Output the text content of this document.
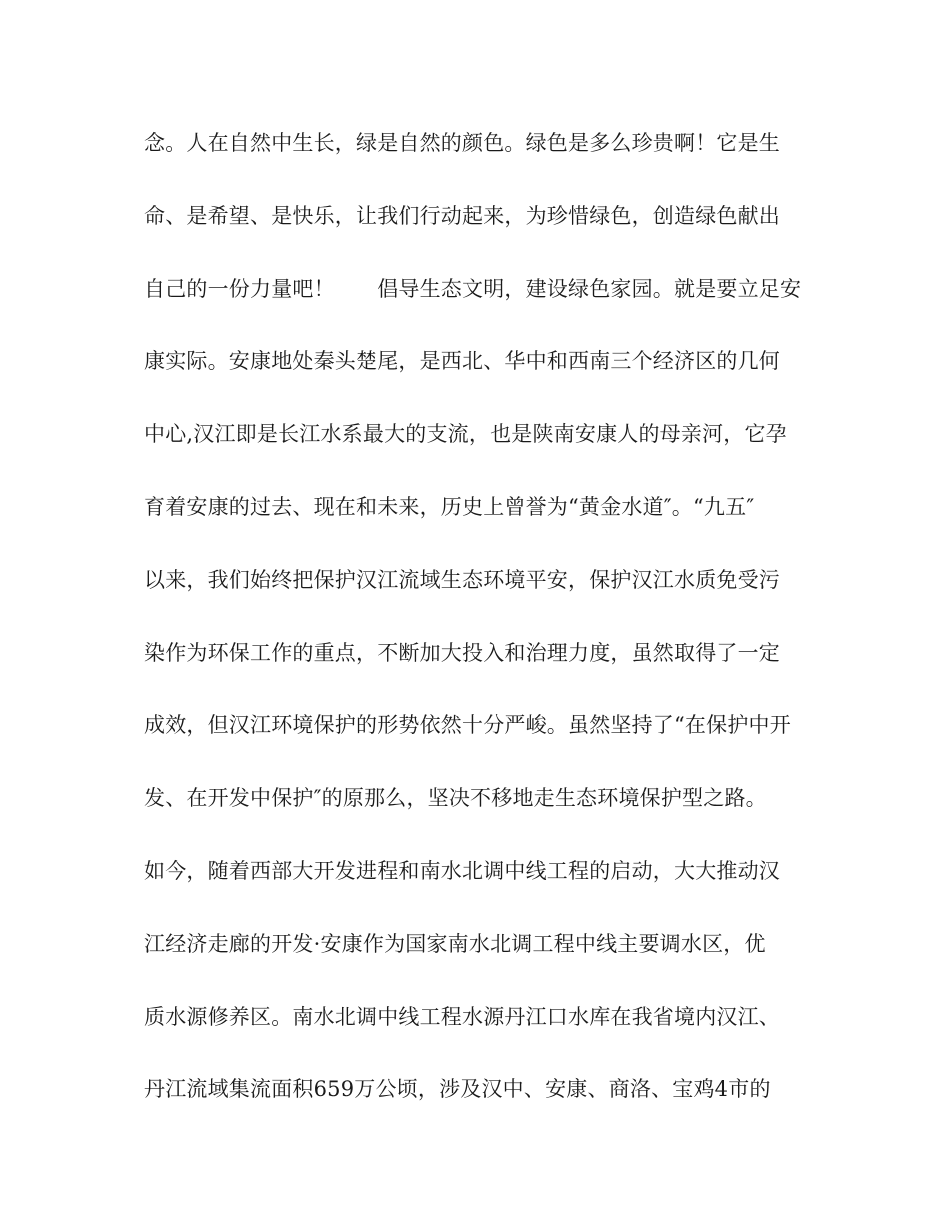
念。人在自然中生长，绿是自然的颜色。绿色是多么珍贵啊！它是生
命、是希望、是快乐，让我们行动起来，为珍惜绿色，创造绿色献出
自己的一份力量吧！　　倡导生态文明，建设绿色家园。就是要立足安
康实际。安康地处秦头楚尾，是西北、华中和西南三个经济区的几何
中心,汉江即是长江水系最大的支流，也是陕南安康人的母亲河，它孕
育着安康的过去、现在和未来，历史上曾誉为“黄金水道″。“九五″
以来，我们始终把保护汉江流域生态环境平安，保护汉江水质免受污
染作为环保工作的重点，不断加大投入和治理力度，虽然取得了一定
成效，但汉江环境保护的形势依然十分严峻。虽然坚持了“在保护中开
发、在开发中保护″的原那么，坚决不移地走生态环境保护型之路。
如今，随着西部大开发进程和南水北调中线工程的启动，大大推动汉
江经济走廊的开发·安康作为国家南水北调工程中线主要调水区，优
质水源修养区。南水北调中线工程水源丹江口水库在我省境内汉江、
丹江流域集流面积659万公顷，涉及汉中、安康、商洛、宝鸡4市的
